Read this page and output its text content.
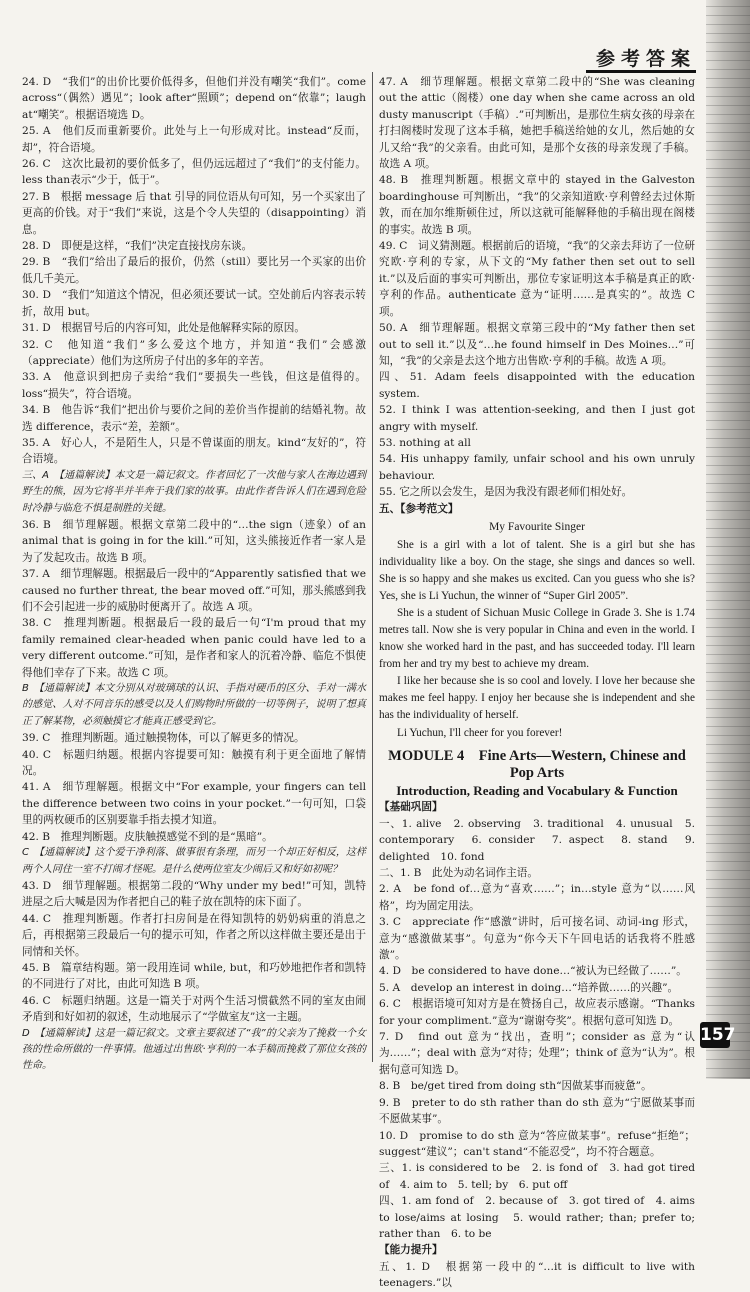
参考答案

24. D　“我们”的出价比要价低得多，但他们并没有嘲笑“我们”。come across“（偶然）遇见”；look after“照顾”；depend on“依靠”；laugh at“嘲笑”。根据语境选 D。

25. A　他们反而重新要价。此处与上一句形成对比。instead“反而，却”，符合语境。

26. C　这次比最初的要价低多了，但仍远远超过了“我们”的支付能力。less than表示“少于，低于”。

27. B　根据 message 后 that 引导的同位语从句可知，另一个买家出了更高的价钱。对于“我们”来说，这是个令人失望的（disappointing）消息。

28. D　即便是这样，“我们”决定直接找房东谈。

29. B　“我们”给出了最后的报价，仍然（still）要比另一个买家的出价低几千美元。

30. D　“我们”知道这个情况，但必须还要试一试。空处前后内容表示转折，故用 but。

31. D　根据冒号后的内容可知，此处是他解释实际的原因。

32. C　他知道“我们”多么爱这个地方，并知道“我们”会感激（appreciate）他们为这所房子付出的多年的辛苦。

33. A　他意识到把房子卖给“我们”要损失一些钱，但这是值得的。loss“损失”，符合语境。

34. B　他告诉“我们”把出价与要价之间的差价当作提前的结婚礼物。故选 difference，表示“差，差额”。

35. A　好心人，不是陌生人，只是不曾谋面的朋友。kind“友好的”，符合语境。

三、A　【通篇解读】本文是一篇记叙文。作者回忆了一次他与家人在海边遇到野生的熊，因为它将半并半奔于我们家的故事。由此作者告诉人们在遇到危险时冷静与临危不惧是制胜的关键。

36. B　细节理解题。根据文章第二段中的“…the sign（迹象）of an animal that is going in for the kill.”可知，这头熊接近作者一家人是为了发起攻击。故选 B 项。

37. A　细节理解题。根据最后一段中的“Apparently satisfied that we caused no further threat, the bear moved off.”可知，那头熊感到我们不会引起进一步的威胁时便离开了。故选 A 项。

38. C　推理判断题。根据最后一段的最后一句“I'm proud that my family remained clear-headed when panic could have led to a very different outcome.”可知，是作者和家人的沉着冷静、临危不惧使得他们幸存了下来。故选 C 项。

B　【通篇解读】本文分别从对玻璃球的认识、手指对硬币的区分、手对一满水的感觉、人对不同音乐的感受以及人们购物时所做的一切等例子，说明了想真正了解某物，必须触摸它才能真正感受到它。

39. C　推理判断题。通过触摸物体，可以了解更多的情况。

40. C　标题归纳题。根据内容提要可知：触摸有利于更全面地了解情况。

41. A　细节理解题。根据文中“For example, your fingers can tell the difference between two coins in your pocket.”一句可知，口袋里的两枚硬币的区别要靠手指去摸才知道。

42. B　推理判断题。皮肤触摸感觉不到的是“黑暗”。

C　【通篇解读】这个爱干净利落、做事很有条理，而另一个却正好相反，这样两个人同住一室不打闹才怪呢。是什么使两位室友少闹后又和好如初呢？

43. D　细节理解题。根据第二段的“Why under my bed!”可知，凯特进屋之后大喊是因为作者把自己的鞋子放在凯特的床下面了。

44. C　推理判断题。作者打扫房间是在得知凯特的奶奶病重的消息之后，再根据第三段最后一句的提示可知，作者之所以这样做主要还是出于同情和关怀。

45. B　篇章结构题。第一段用连词 while, but，和巧妙地把作者和凯特的不同进行了对比，由此可知选 B 项。

46. C　标题归纳题。这是一篇关于对两个生活习惯截然不同的室友由闹矛盾到和好如初的叙述，生动地展示了“学做室友”这一主题。

D　【通篇解读】这是一篇记叙文。文章主要叙述了“我”的父亲为了挽救一个女孩的性命所做的一件事情。他通过出售欧·亨利的一本手稿而挽救了那位女孩的性命。

47. A　细节理解题。根据文章第二段中的“She was cleaning out the attic（阁楼）one day when she came across an old dusty manuscript（手稿）.”可判断出，是那位生病女孩的母亲在打扫阁楼时发现了这本手稿，她把手稿送给她的女儿，然后她的女儿又给“我”的父亲看。由此可知，是那个女孩的母亲发现了手稿。故选 A 项。

48. B　推理判断题。根据文章中的 stayed in the Galveston boardinghouse 可判断出，“我”的父亲知道欧·亨利曾经去过休斯敦，而在加尔维斯顿住过，所以这就可能解释他的手稿出现在阁楼的事实。故选 B 项。

49. C　词义猜测题。根据前后的语境，“我”的父亲去拜访了一位研究欧·亨利的专家，从下文的“My father then set out to sell it.”以及后面的事实可判断出，那位专家证明这本手稿是真正的欧·亨利的作品。authenticate 意为“证明……是真实的”。故选 C 项。

50. A　细节理解题。根据文章第三段中的“My father then set out to sell it.”以及“…he found himself in Des Moines…”可知，“我”的父亲是去这个地方出售欧·亨利的手稿。故选 A 项。

四、51. Adam feels disappointed with the education system.

52. I think I was attention-seeking, and then I just got angry with myself.

53. nothing at all

54. His unhappy family, unfair school and his own unruly behaviour.

55. 它之所以会发生，是因为我没有跟老师们相处好。

五、【参考范文】

My Favourite Singer

She is a girl with a lot of talent. She is a girl but she has individuality like a boy. On the stage, she sings and dances so well. She is so happy and she makes us excited. Can you guess who she is? Yes, she is Li Yuchun, the winner of “Super Girl 2005”.

She is a student of Sichuan Music College in Grade 3. She is 1.74 metres tall. Now she is very popular in China and even in the world. I know she worked hard in the past, and has succeeded today. I'll learn from her and try my best to achieve my dream.

I like her because she is so cool and lovely. I love her because she makes me feel happy. I enjoy her because she is independent and she has the individuality of herself.

Li Yuchun, I'll cheer for you forever!

MODULE 4　Fine Arts—Western, Chinese and Pop Arts
Introduction, Reading and Vocabulary & Function

【基础巩固】

一、1. alive　2. observing　3. traditional　4. unusual　5. contemporary　6. consider　7. aspect　8. stand　9. delighted　10. fond

二、1. B　此处为动名词作主语。

2. A　be fond of…意为“喜欢……”；in…style 意为“以……风格”，均为固定用法。

3. C　appreciate 作“感激”讲时，后可接名词、动词-ing 形式，意为“感激做某事”。句意为“你今天下午回电话的话我将不胜感激”。

4. D　be considered to have done…“被认为已经做了……”。

5. A　develop an interest in doing…“培养做……的兴趣”。

6. C　根据语境可知对方是在赞扬自己，故应表示感谢。“Thanks for your compliment.”意为“谢谢夸奖”。根据句意可知选 D。

7. D　find out 意为“找出，查明”；consider as 意为“认为……”；deal with 意为“对待；处理”；think of 意为“认为”。根据句意可知选 D。

8. B　be/get tired from doing sth“因做某事而疲惫”。

9. B　preter to do sth rather than do sth 意为“宁愿做某事而不愿做某事”。

10. D　promise to do sth 意为“答应做某事”。refuse“拒绝”；suggest“建议”；can't stand“不能忍受”，均不符合题意。

三、1. is considered to be　2. is fond of　3. had got tired of　4. aim to　5. tell; by　6. put off

四、1. am fond of　2. because of　3. got tired of　4. aims to lose/aims at losing　5. would rather; than; prefer to; rather than　6. to be

【能力提升】

五、1. D　根据第一段中的“…it is difficult to live with teenagers.”以

157
